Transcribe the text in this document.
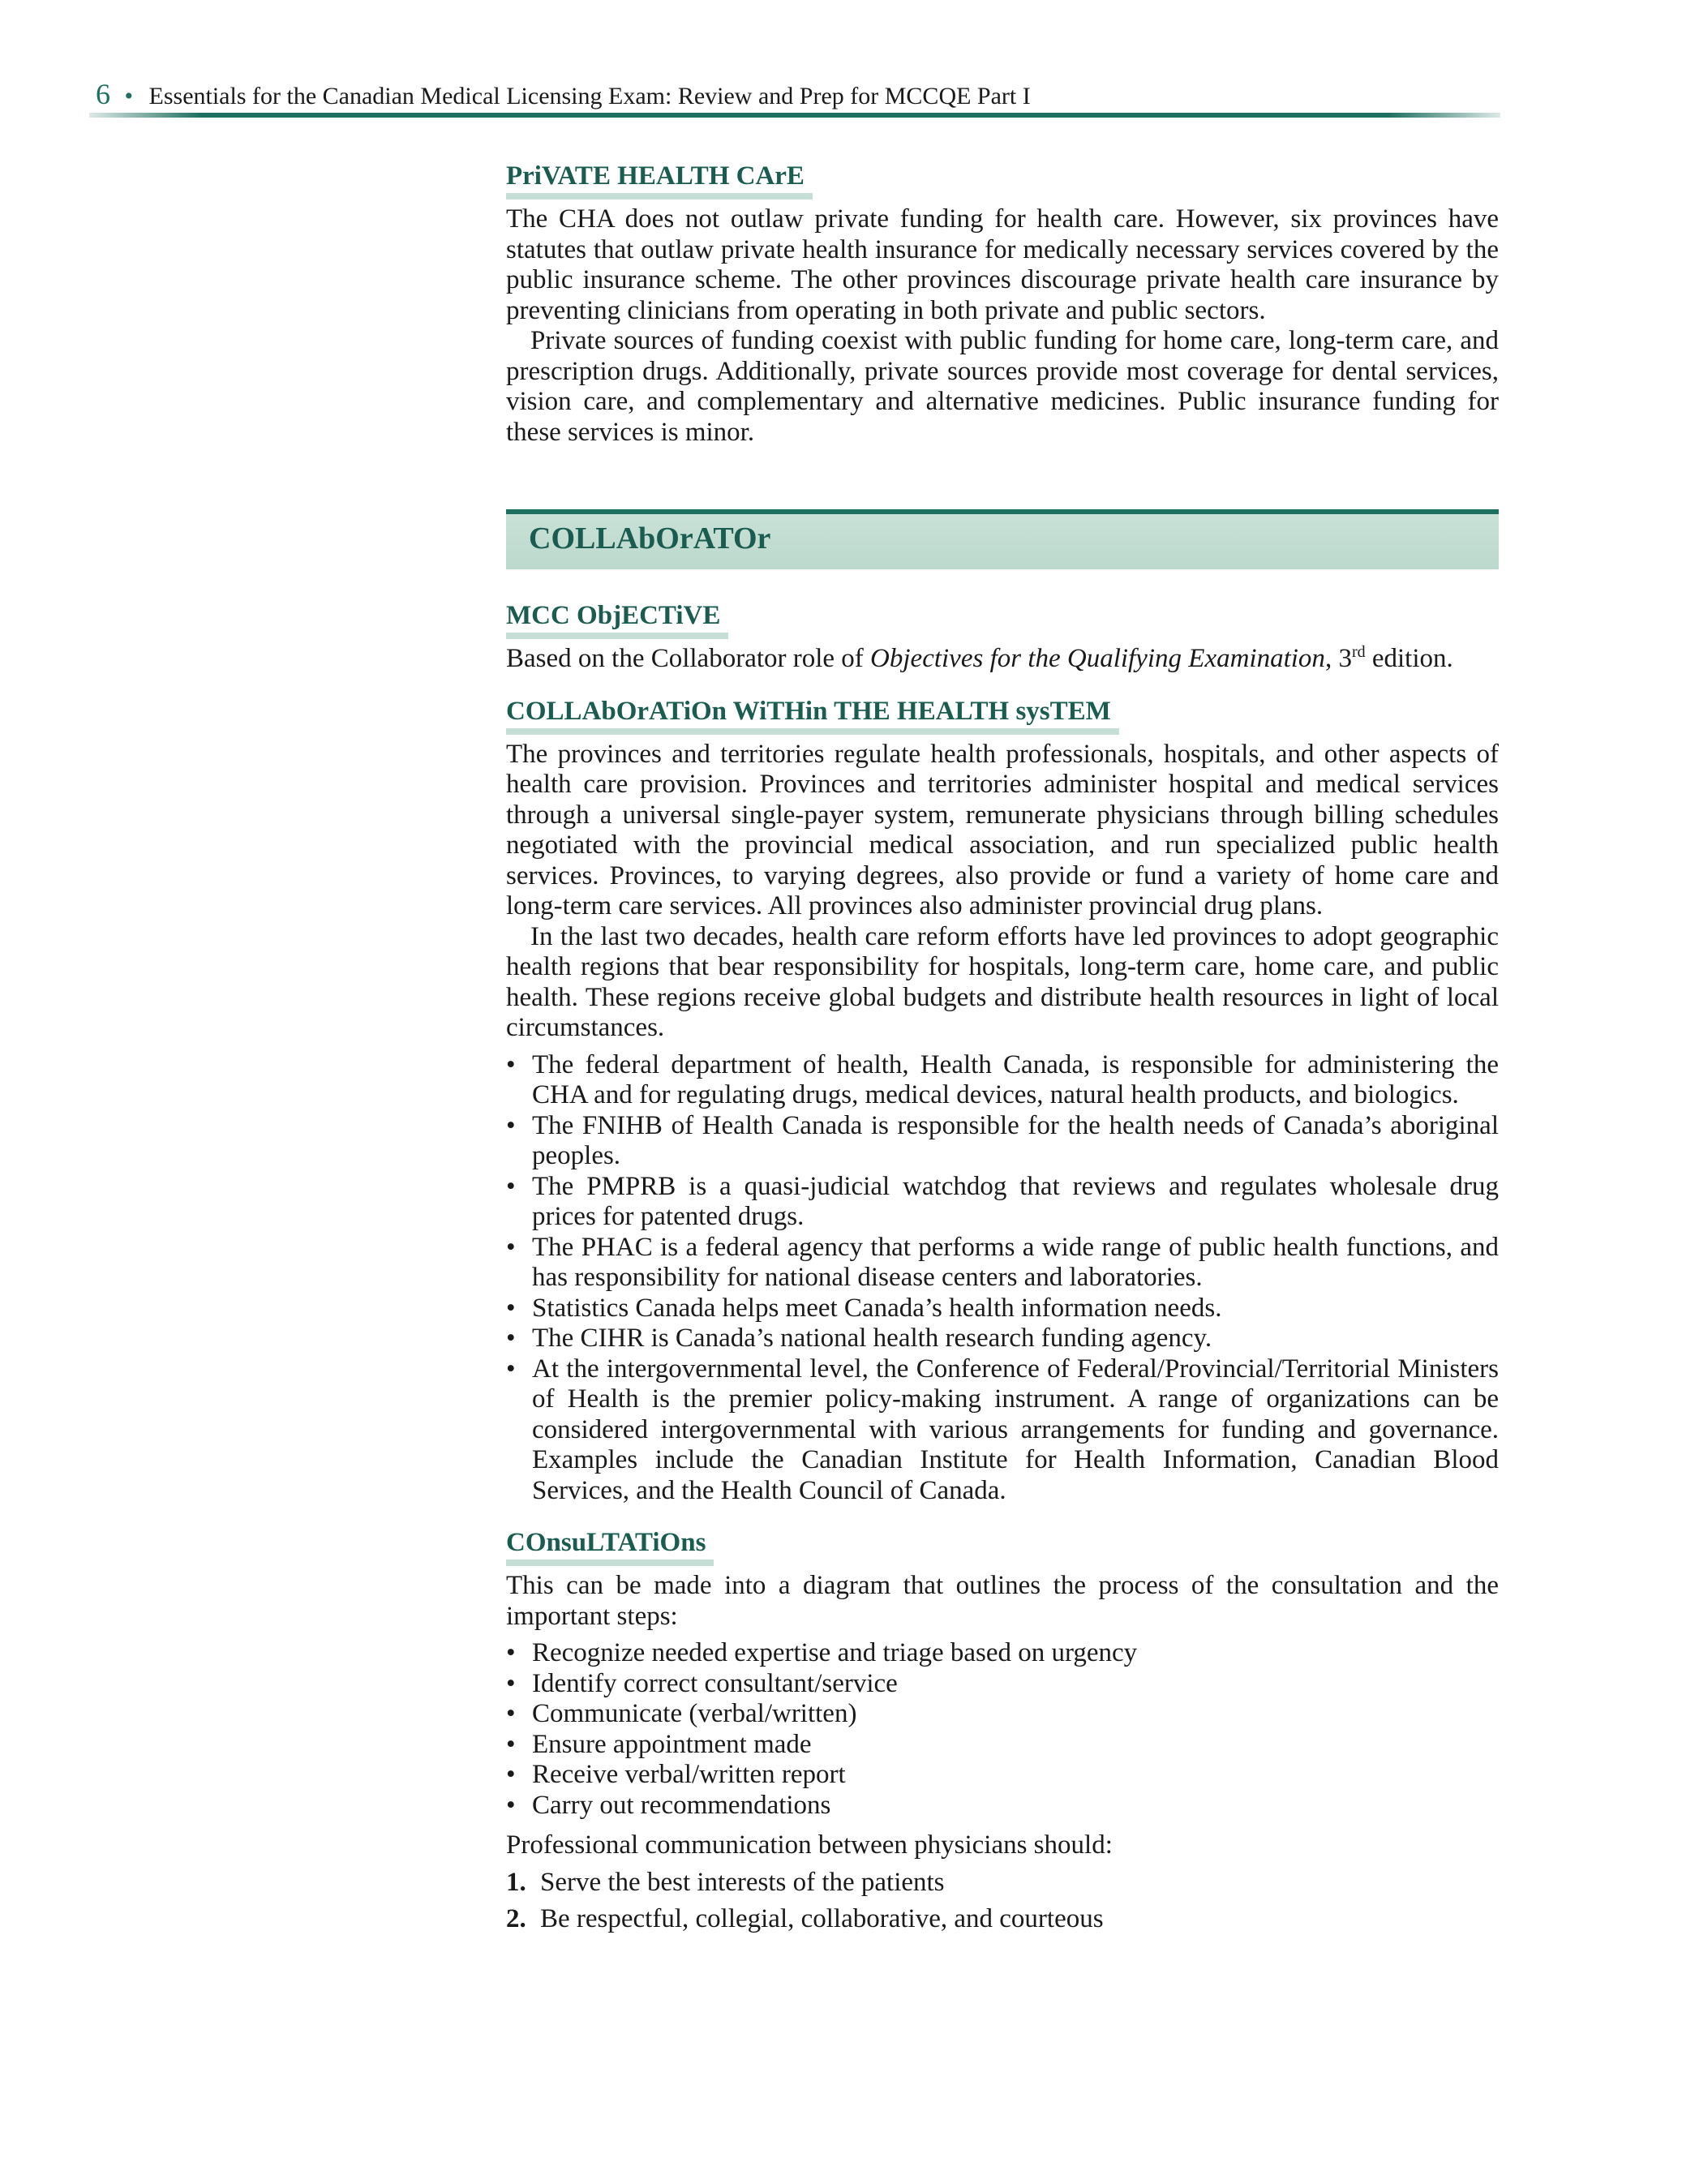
6 • Essentials for the Canadian Medical Licensing Exam: Review and Prep for MCCQE Part I
PriVATE HEALTH CArE

The CHA does not outlaw private funding for health care. However, six provinces have statutes that outlaw private health insurance for medically necessary services covered by the public insurance scheme. The other provinces discourage private health care insurance by preventing clinicians from operating in both private and public sectors.

Private sources of funding coexist with public funding for home care, long-term care, and prescription drugs. Additionally, private sources provide most coverage for dental services, vision care, and complementary and alternative medicines. Public insurance funding for these services is minor.

COLLAbOrATOr
MCC ObjECTiVE

Based on the Collaborator role of Objectives for the Qualifying Examination, 3rd edition.

COLLAbOrATiOn WiTHin THE HEALTH sysTEM

The provinces and territories regulate health professionals, hospitals, and other aspects of health care provision. Provinces and territories administer hospital and medical services through a universal single-payer system, remunerate physicians through billing schedules negotiated with the provincial medical association, and run specialized public health services. Provinces, to varying degrees, also provide or fund a variety of home care and long-term care services. All provinces also administer provincial drug plans.

In the last two decades, health care reform efforts have led provinces to adopt geographic health regions that bear responsibility for hospitals, long-term care, home care, and public health. These regions receive global budgets and distribute health resources in light of local circumstances.

• The federal department of health, Health Canada, is responsible for administering the CHA and for regulating drugs, medical devices, natural health products, and biologics.
• The FNIHB of Health Canada is responsible for the health needs of Canada’s aboriginal peoples.
• The PMPRB is a quasi-judicial watchdog that reviews and regulates wholesale drug prices for patented drugs.
• The PHAC is a federal agency that performs a wide range of public health functions, and has responsibility for national disease centers and laboratories.
• Statistics Canada helps meet Canada’s health information needs.
• The CIHR is Canada’s national health research funding agency.
• At the intergovernmental level, the Conference of Federal/Provincial/Territorial Ministers of Health is the premier policy-making instrument. A range of organizations can be considered intergovernmental with various arrangements for funding and governance. Examples include the Canadian Institute for Health Information, Canadian Blood Services, and the Health Council of Canada.
COnsuLTATiOns

This can be made into a diagram that outlines the process of the consultation and the important steps:

• Recognize needed expertise and triage based on urgency
• Identify correct consultant/service
• Communicate (verbal/written)
• Ensure appointment made
• Receive verbal/written report
• Carry out recommendations

Professional communication between physicians should:

1. Serve the best interests of the patients
2. Be respectful, collegial, collaborative, and courteous
